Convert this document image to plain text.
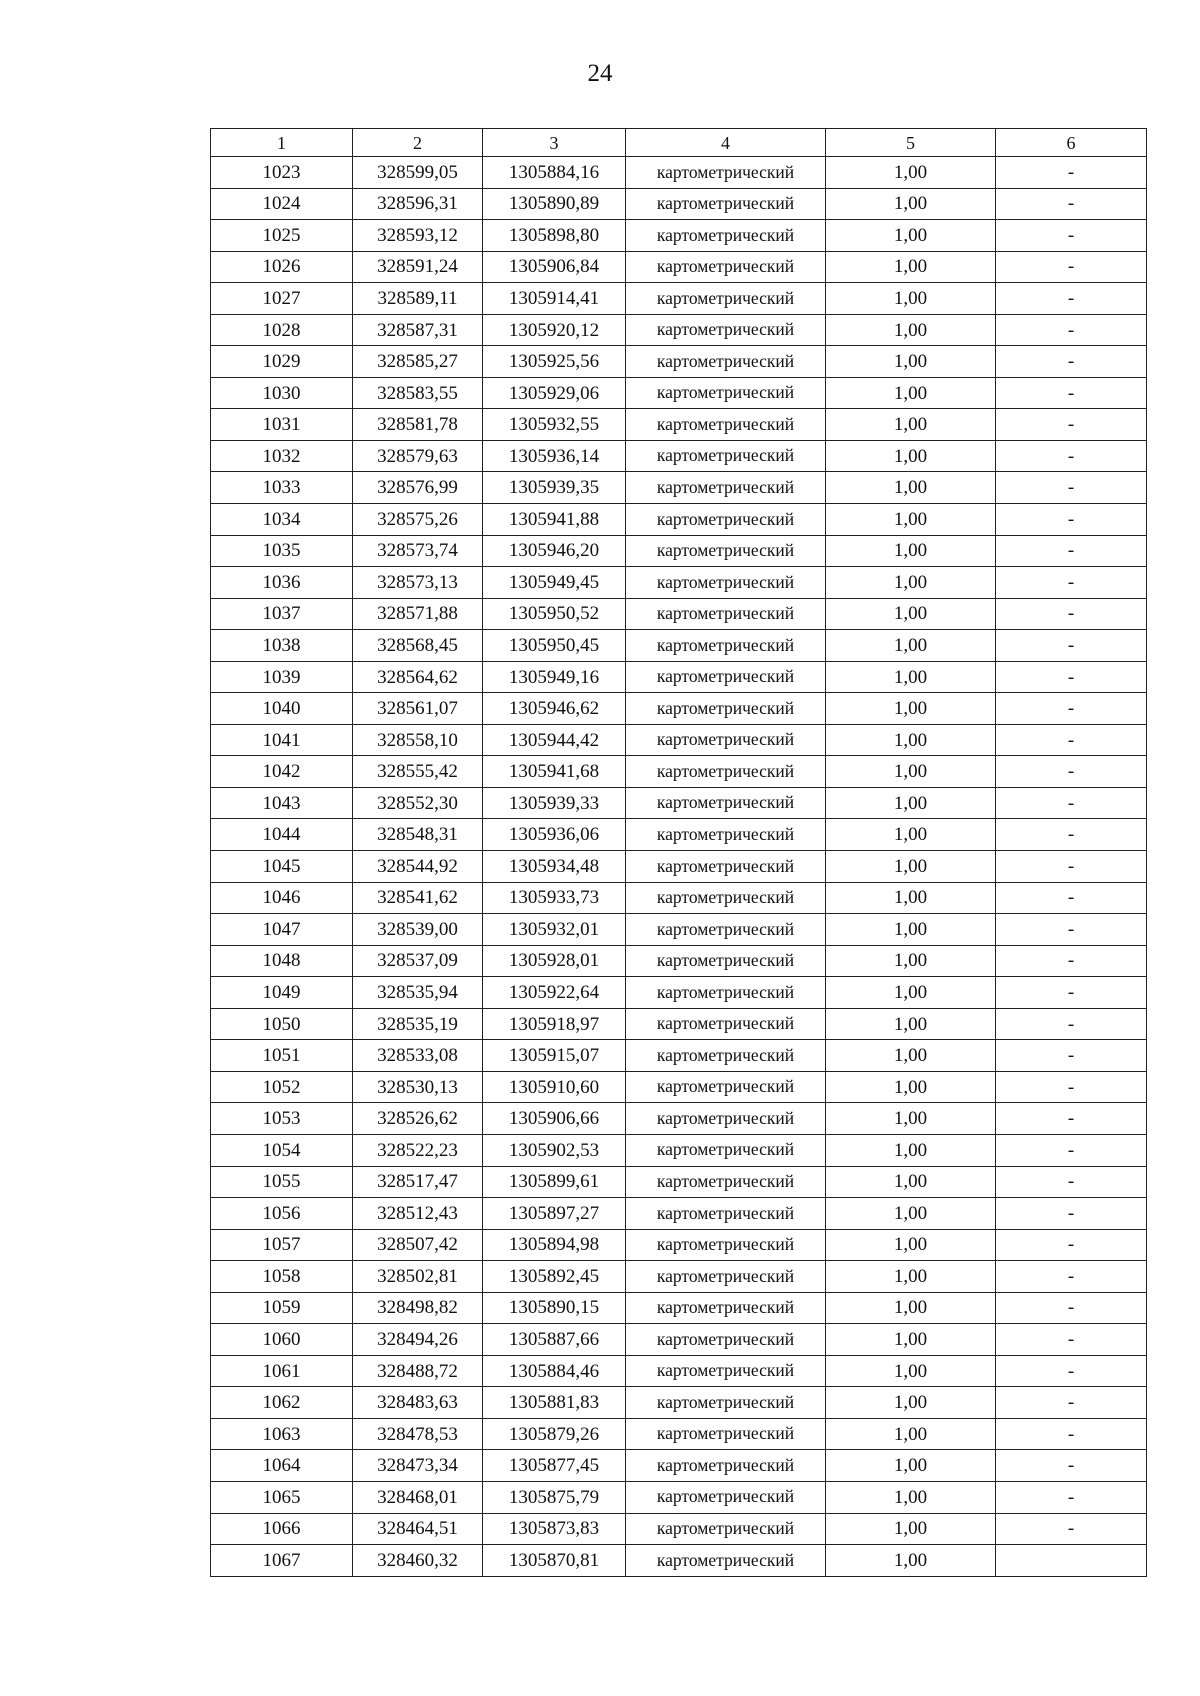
24
1	2	3	4	5	6
1023	328599,05	1305884,16	картометрический	1,00	-
1024	328596,31	1305890,89	картометрический	1,00	-
1025	328593,12	1305898,80	картометрический	1,00	-
1026	328591,24	1305906,84	картометрический	1,00	-
1027	328589,11	1305914,41	картометрический	1,00	-
1028	328587,31	1305920,12	картометрический	1,00	-
1029	328585,27	1305925,56	картометрический	1,00	-
1030	328583,55	1305929,06	картометрический	1,00	-
1031	328581,78	1305932,55	картометрический	1,00	-
1032	328579,63	1305936,14	картометрический	1,00	-
1033	328576,99	1305939,35	картометрический	1,00	-
1034	328575,26	1305941,88	картометрический	1,00	-
1035	328573,74	1305946,20	картометрический	1,00	-
1036	328573,13	1305949,45	картометрический	1,00	-
1037	328571,88	1305950,52	картометрический	1,00	-
1038	328568,45	1305950,45	картометрический	1,00	-
1039	328564,62	1305949,16	картометрический	1,00	-
1040	328561,07	1305946,62	картометрический	1,00	-
1041	328558,10	1305944,42	картометрический	1,00	-
1042	328555,42	1305941,68	картометрический	1,00	-
1043	328552,30	1305939,33	картометрический	1,00	-
1044	328548,31	1305936,06	картометрический	1,00	-
1045	328544,92	1305934,48	картометрический	1,00	-
1046	328541,62	1305933,73	картометрический	1,00	-
1047	328539,00	1305932,01	картометрический	1,00	-
1048	328537,09	1305928,01	картометрический	1,00	-
1049	328535,94	1305922,64	картометрический	1,00	-
1050	328535,19	1305918,97	картометрический	1,00	-
1051	328533,08	1305915,07	картометрический	1,00	-
1052	328530,13	1305910,60	картометрический	1,00	-
1053	328526,62	1305906,66	картометрический	1,00	-
1054	328522,23	1305902,53	картометрический	1,00	-
1055	328517,47	1305899,61	картометрический	1,00	-
1056	328512,43	1305897,27	картометрический	1,00	-
1057	328507,42	1305894,98	картометрический	1,00	-
1058	328502,81	1305892,45	картометрический	1,00	-
1059	328498,82	1305890,15	картометрический	1,00	-
1060	328494,26	1305887,66	картометрический	1,00	-
1061	328488,72	1305884,46	картометрический	1,00	-
1062	328483,63	1305881,83	картометрический	1,00	-
1063	328478,53	1305879,26	картометрический	1,00	-
1064	328473,34	1305877,45	картометрический	1,00	-
1065	328468,01	1305875,79	картометрический	1,00	-
1066	328464,51	1305873,83	картометрический	1,00	-
1067	328460,32	1305870,81	картометрический	1,00	
